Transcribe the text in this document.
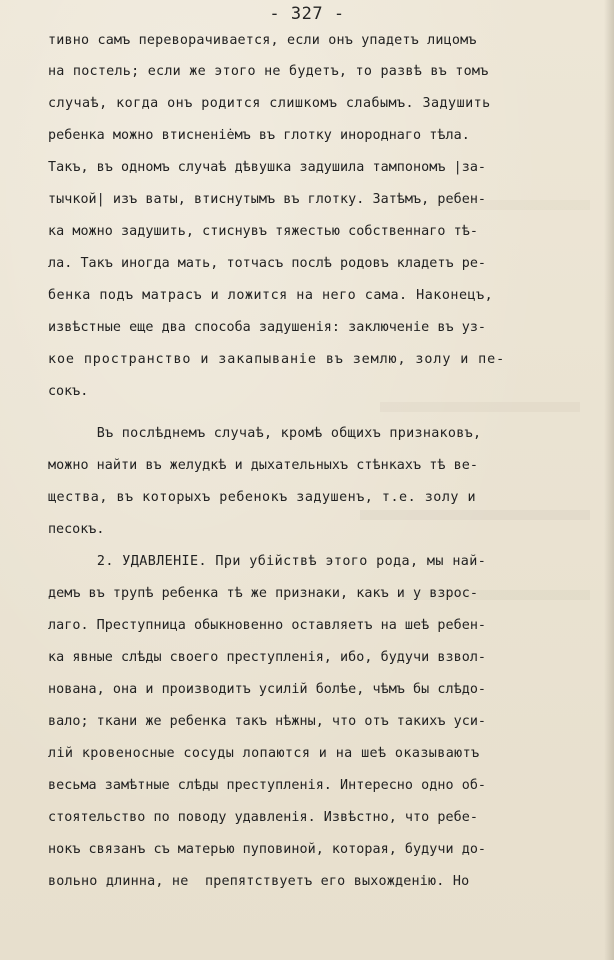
- 327 -

тивно самъ переворачивается, если онъ упадетъ лицомъ

на постель; если же этого не будетъ, то развѣ въ томъ

случаѣ, когда онъ родится слишкомъ слабымъ. Задушить

ребенка можно втиснені̇емъ въ глотку инороднаго тѣла.

Такъ, въ одномъ случаѣ дѣвушка задушила тампономъ |за-

тычкой| изъ ваты, втиснутымъ въ глотку. Затѣмъ, ребен-

ка можно задушить, стиснувъ тяжестью собственнаго тѣ-

ла. Такъ иногда мать, тотчасъ послѣ родовъ кладетъ ре-

бенка подъ матрасъ и ложится на него сама. Наконецъ,

извѣстные еще два способа задушенія: заключеніе въ уз-

кое пространство и закапываніе въ землю, золу и пе-

сокъ.

Въ послѣднемъ случаѣ, кромѣ общихъ признаковъ,

можно найти въ желудкѣ и дыхательныхъ стѣнкахъ тѣ ве-

щества, въ которыхъ ребенокъ задушенъ, т.е. золу и

песокъ.

2. УДАВЛЕНІЕ. При убійствѣ этого рода, мы най-

демъ въ трупѣ ребенка тѣ же признаки, какъ и у взрос-

лаго. Преступница обыкновенно оставляетъ на шеѣ ребен-

ка явные слѣды своего преступленія, ибо, будучи взвол-

нована, она и производитъ усилій болѣе, чѣмъ бы слѣдо-

вало; ткани же ребенка такъ нѣжны, что отъ такихъ уси-

лій кровеносные сосуды лопаются и на шеѣ оказываютъ

весьма замѣтные слѣды преступленія. Интересно одно об-

стоятельство по поводу удавленія. Извѣстно, что ребе-

нокъ связанъ съ матерью пуповиной, которая, будучи до-

вольно длинна, не  препятствуетъ его выхожденію. Но
